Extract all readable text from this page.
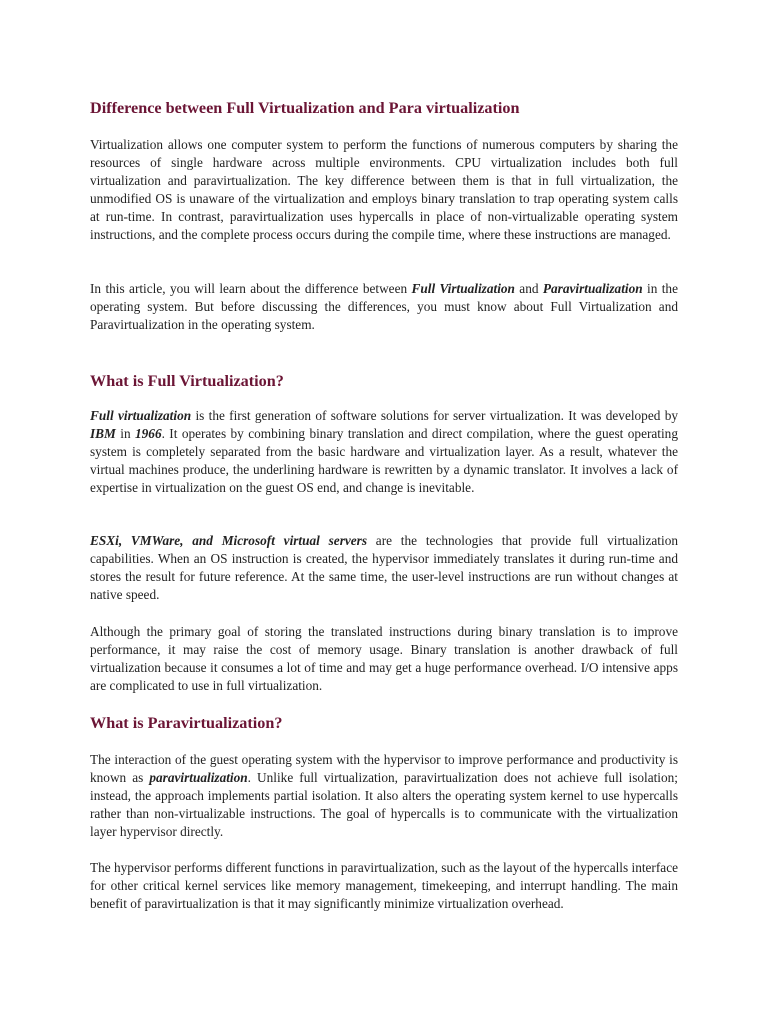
Difference between Full Virtualization and Para virtualization

Virtualization allows one computer system to perform the functions of numerous computers by sharing the resources of single hardware across multiple environments. CPU virtualization includes both full virtualization and paravirtualization. The key difference between them is that in full virtualization, the unmodified OS is unaware of the virtualization and employs binary translation to trap operating system calls at run-time. In contrast, paravirtualization uses hypercalls in place of non-virtualizable operating system instructions, and the complete process occurs during the compile time, where these instructions are managed.

In this article, you will learn about the difference between Full Virtualization and Paravirtualization in the operating system. But before discussing the differences, you must know about Full Virtualization and Paravirtualization in the operating system.

What is Full Virtualization?

Full virtualization is the first generation of software solutions for server virtualization. It was developed by IBM in 1966. It operates by combining binary translation and direct compilation, where the guest operating system is completely separated from the basic hardware and virtualization layer. As a result, whatever the virtual machines produce, the underlining hardware is rewritten by a dynamic translator. It involves a lack of expertise in virtualization on the guest OS end, and change is inevitable.

ESXi, VMWare, and Microsoft virtual servers are the technologies that provide full virtualization capabilities. When an OS instruction is created, the hypervisor immediately translates it during run-time and stores the result for future reference. At the same time, the user-level instructions are run without changes at native speed.

Although the primary goal of storing the translated instructions during binary translation is to improve performance, it may raise the cost of memory usage. Binary translation is another drawback of full virtualization because it consumes a lot of time and may get a huge performance overhead. I/O intensive apps are complicated to use in full virtualization.

What is Paravirtualization?

The interaction of the guest operating system with the hypervisor to improve performance and productivity is known as paravirtualization. Unlike full virtualization, paravirtualization does not achieve full isolation; instead, the approach implements partial isolation. It also alters the operating system kernel to use hypercalls rather than non-virtualizable instructions. The goal of hypercalls is to communicate with the virtualization layer hypervisor directly.

The hypervisor performs different functions in paravirtualization, such as the layout of the hypercalls interface for other critical kernel services like memory management, timekeeping, and interrupt handling. The main benefit of paravirtualization is that it may significantly minimize virtualization overhead.
